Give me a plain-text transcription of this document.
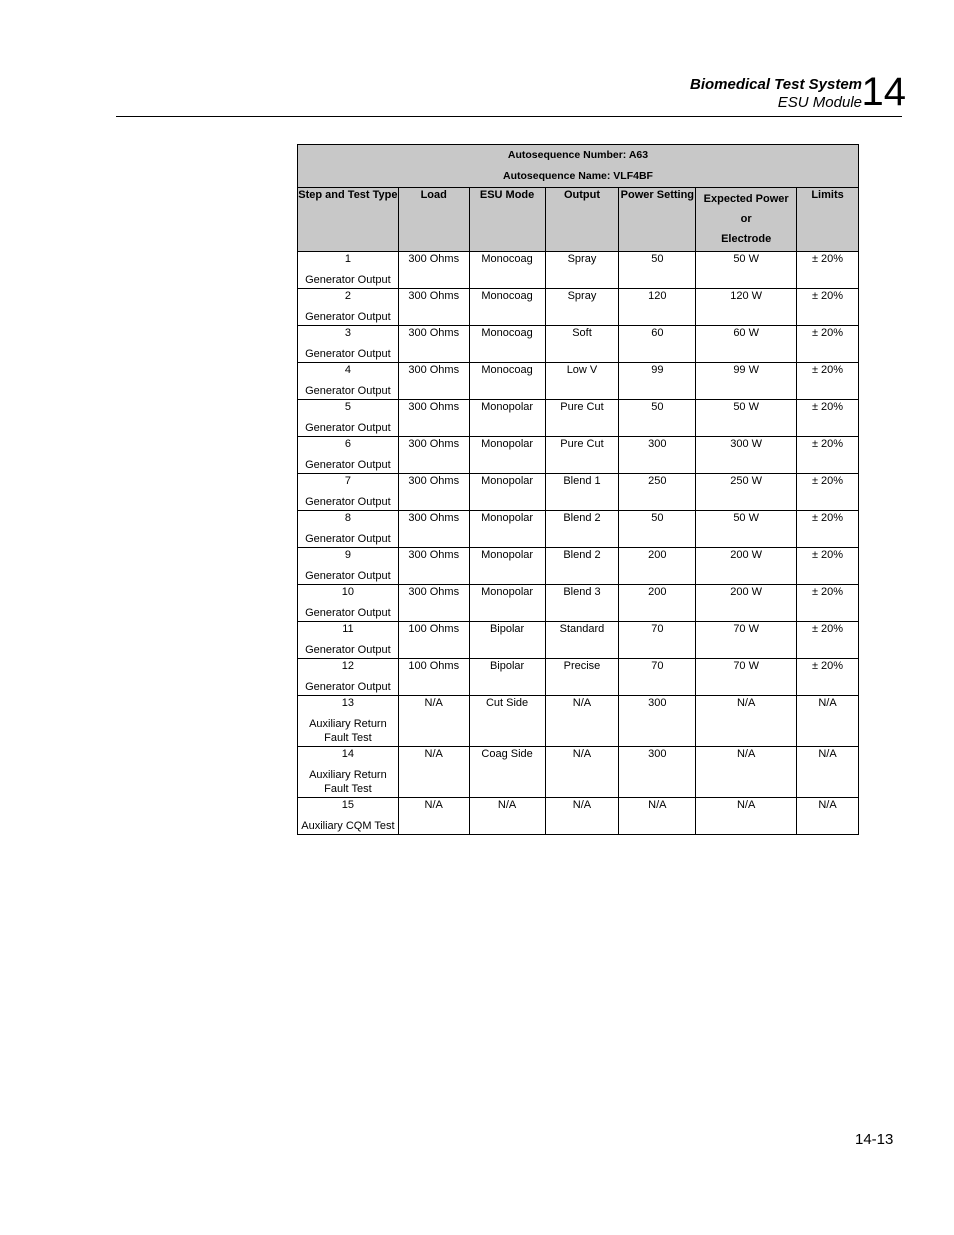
Biomedical Test System
ESU Module 14
Autosequence Number: A63
Autosequence Name: VLF4BF						

Step and Test Type	Load	ESU Mode	Output	Power Setting	Expected Power
or
Electrode	Limits

1
Generator Output	300 Ohms	Monocoag	Spray	50	50 W	± 20%

2
Generator Output	300 Ohms	Monocoag	Spray	120	120 W	± 20%

3
Generator Output	300 Ohms	Monocoag	Soft	60	60 W	± 20%

4
Generator Output	300 Ohms	Monocoag	Low V	99	99 W	± 20%

5
Generator Output	300 Ohms	Monopolar	Pure Cut	50	50 W	± 20%

6
Generator Output	300 Ohms	Monopolar	Pure Cut	300	300 W	± 20%

7
Generator Output	300 Ohms	Monopolar	Blend 1	250	250 W	± 20%

8
Generator Output	300 Ohms	Monopolar	Blend 2	50	50 W	± 20%

9
Generator Output	300 Ohms	Monopolar	Blend 2	200	200 W	± 20%

10
Generator Output	300 Ohms	Monopolar	Blend 3	200	200 W	± 20%

11
Generator Output	100 Ohms	Bipolar	Standard	70	70 W	± 20%

12
Generator Output	100 Ohms	Bipolar	Precise	70	70 W	± 20%

13
Auxiliary Return Fault Test	N/A	Cut Side	N/A	300	N/A	N/A

14
Auxiliary Return Fault Test	N/A	Coag Side	N/A	300	N/A	N/A

15
Auxiliary CQM Test	N/A	N/A	N/A	N/A	N/A	N/A
14-13
